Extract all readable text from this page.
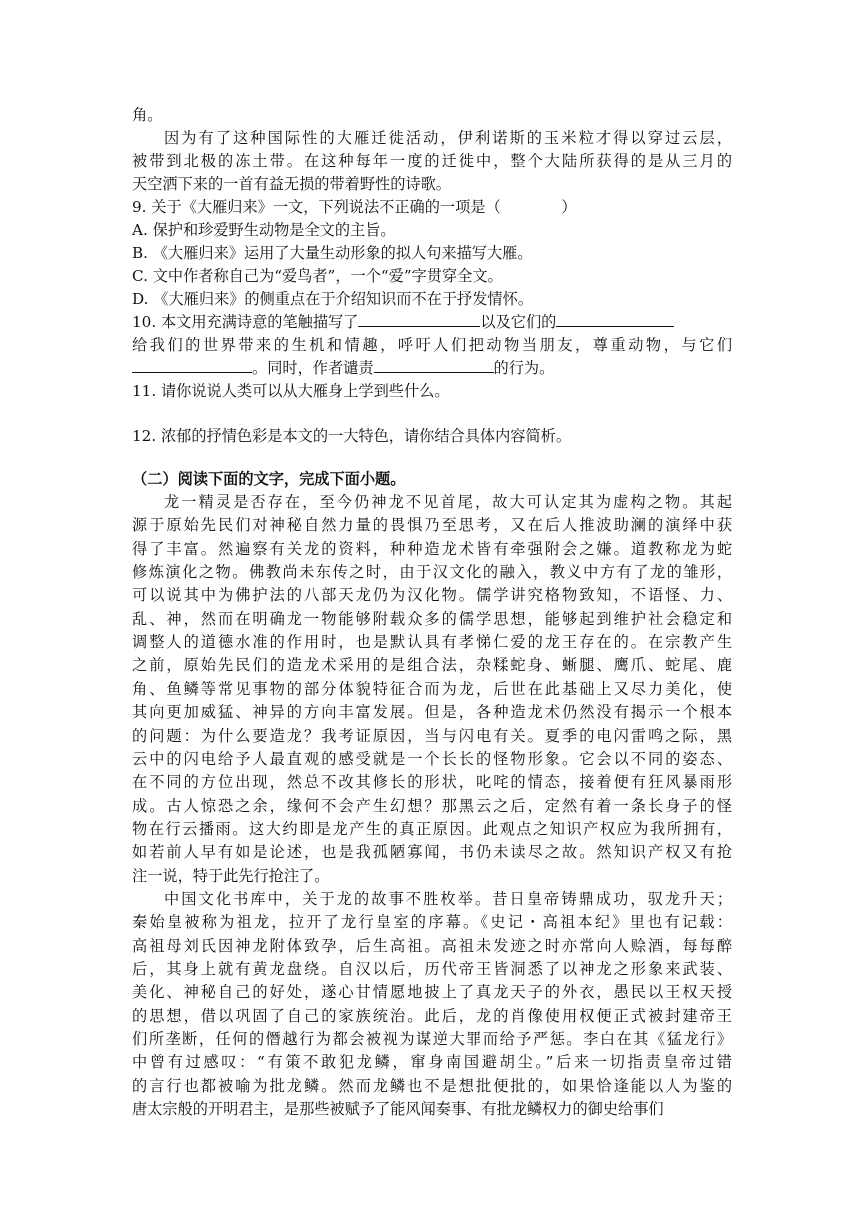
角。
因为有了这种国际性的大雁迁徙活动，伊利诺斯的玉米粒才得以穿过云层，
被带到北极的冻土带。在这种每年一度的迁徙中，整个大陆所获得的是从三月的
天空洒下来的一首有益无损的带着野性的诗歌。
9. 关于《大雁归来》一文，下列说法不正确的一项是（　　　　）
A. 保护和珍爱野生动物是全文的主旨。
B. 《大雁归来》运用了大量生动形象的拟人句来描写大雁。
C. 文中作者称自己为“爱鸟者”，一个“爱”字贯穿全文。
D. 《大雁归来》的侧重点在于介绍知识而不在于抒发情怀。
10. 本文用充满诗意的笔触描写了	以及它们的
给我们的世界带来的生机和情趣，呼吁人们把动物当朋友，尊重动物，与它们
。同时，作者谴责	的行为。
11. 请你说说人类可以从大雁身上学到些什么。
12. 浓郁的抒情色彩是本文的一大特色，请你结合具体内容简析。
（二）阅读下面的文字，完成下面小题。
龙一精灵是否存在，至今仍神龙不见首尾，故大可认定其为虚构之物。其起
源于原始先民们对神秘自然力量的畏惧乃至思考，又在后人推波助澜的演绎中获
得了丰富。然遍察有关龙的资料，种种造龙术皆有牵强附会之嫌。道教称龙为蛇
修炼演化之物。佛教尚未东传之时，由于汉文化的融入，教义中方有了龙的雏形，
可以说其中为佛护法的八部天龙仍为汉化物。儒学讲究格物致知，不语怪、力、
乱、神，然而在明确龙一物能够附载众多的儒学思想，能够起到维护社会稳定和
调整人的道德水准的作用时，也是默认具有孝悌仁爱的龙王存在的。在宗教产生
之前，原始先民们的造龙术采用的是组合法，杂糅蛇身、蜥腿、鹰爪、蛇尾、鹿
角、鱼鳞等常见事物的部分体貌特征合而为龙，后世在此基础上又尽力美化，使
其向更加威猛、神异的方向丰富发展。但是，各种造龙术仍然没有揭示一个根本
的问题：为什么要造龙？我考证原因，当与闪电有关。夏季的电闪雷鸣之际，黑
云中的闪电给予人最直观的感受就是一个长长的怪物形象。它会以不同的姿态、
在不同的方位出现，然总不改其修长的形状，叱咤的情态，接着便有狂风暴雨形
成。古人惊恐之余，缘何不会产生幻想？那黑云之后，定然有着一条长身子的怪
物在行云播雨。这大约即是龙产生的真正原因。此观点之知识产权应为我所拥有，
如若前人早有如是论述，也是我孤陋寡闻，书仍未读尽之故。然知识产权又有抢
注一说，特于此先行抢注了。
中国文化书库中，关于龙的故事不胜枚举。昔日皇帝铸鼎成功，驭龙升天；
秦始皇被称为祖龙，拉开了龙行皇室的序幕。《史记・高祖本纪》里也有记载：
高祖母刘氏因神龙附体致孕，后生高祖。高祖未发迹之时亦常向人赊酒，每每醉
后，其身上就有黄龙盘绕。自汉以后，历代帝王皆洞悉了以神龙之形象来武装、
美化、神秘自己的好处，遂心甘情愿地披上了真龙天子的外衣，愚民以王权天授
的思想，借以巩固了自己的家族统治。此后，龙的肖像使用权便正式被封建帝王
们所垄断，任何的僭越行为都会被视为谋逆大罪而给予严惩。李白在其《猛龙行》
中曾有过感叹：“有策不敢犯龙鳞，窜身南国避胡尘。”后来一切指责皇帝过错
的言行也都被喻为批龙鳞。然而龙鳞也不是想批便批的，如果恰逢能以人为鉴的
唐太宗般的开明君主，是那些被赋予了能风闻奏事、有批龙鳞权力的御史给事们
